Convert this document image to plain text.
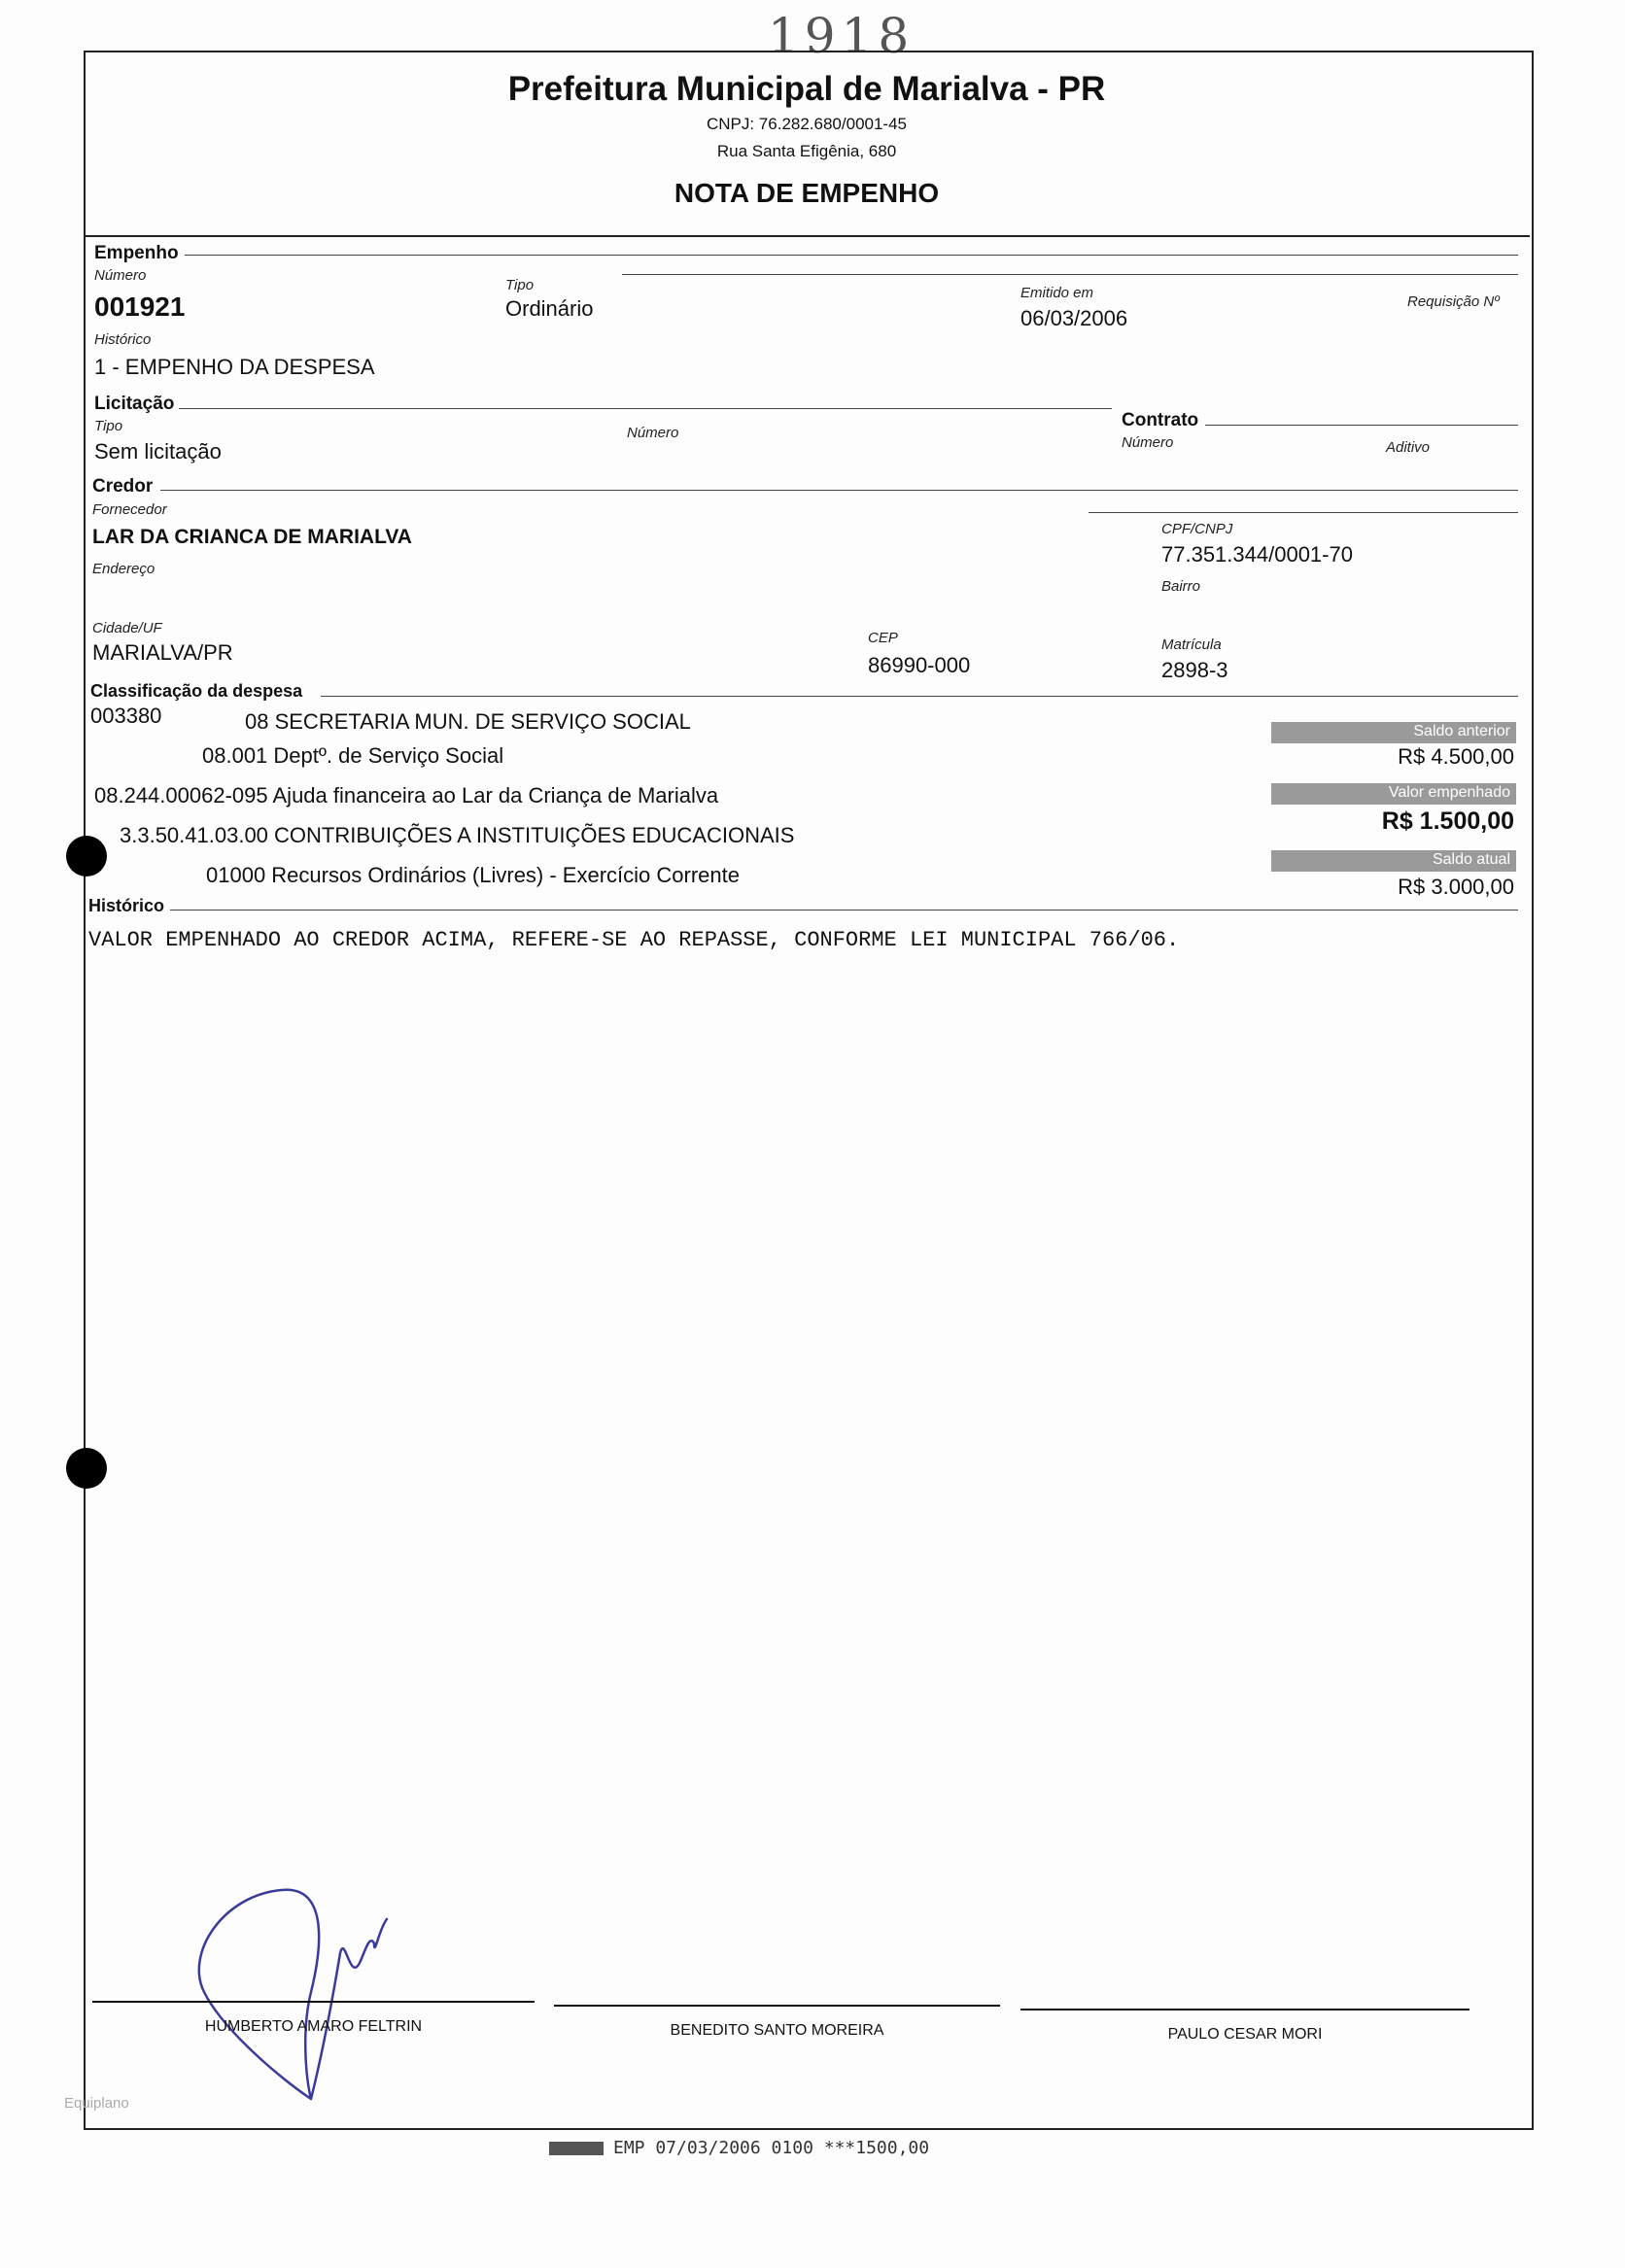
1918
Prefeitura Municipal de Marialva - PR
CNPJ: 76.282.680/0001-45
Rua Santa Efigênia, 680
NOTA DE EMPENHO
Empenho
Número
001921
Tipo
Ordinário
Emitido em
06/03/2006
Requisição Nº
Histórico
1 - EMPENHO DA DESPESA
Licitação
Tipo
Sem licitação
Número
Contrato
Número	Aditivo
Credor
Fornecedor
LAR DA CRIANCA DE MARIALVA	CPF/CNPJ
77.351.344/0001-70
Endereço
Bairro
Cidade/UF
MARIALVA/PR
CEP
86990-000
Matrícula
2898-3
Classificação da despesa
003380	08 SECRETARIA MUN. DE SERVIÇO SOCIAL
08.001 Deptº. de Serviço Social
08.244.00062-095 Ajuda financeira ao Lar da Criança de Marialva
3.3.50.41.03.00 CONTRIBUIÇÕES A INSTITUIÇÕES EDUCACIONAIS
01000 Recursos Ordinários (Livres) - Exercício Corrente
Saldo anterior
R$ 4.500,00
Valor empenhado
R$ 1.500,00
Saldo atual
R$ 3.000,00
Histórico
VALOR EMPENHADO AO CREDOR ACIMA, REFERE-SE AO REPASSE, CONFORME LEI MUNICIPAL 766/06.
HUMBERTO AMARO FELTRIN	BENEDITO SANTO MOREIRA	PAULO CESAR MORI
Equiplano
EMP 07/03/2006 0100 ***1500,00
